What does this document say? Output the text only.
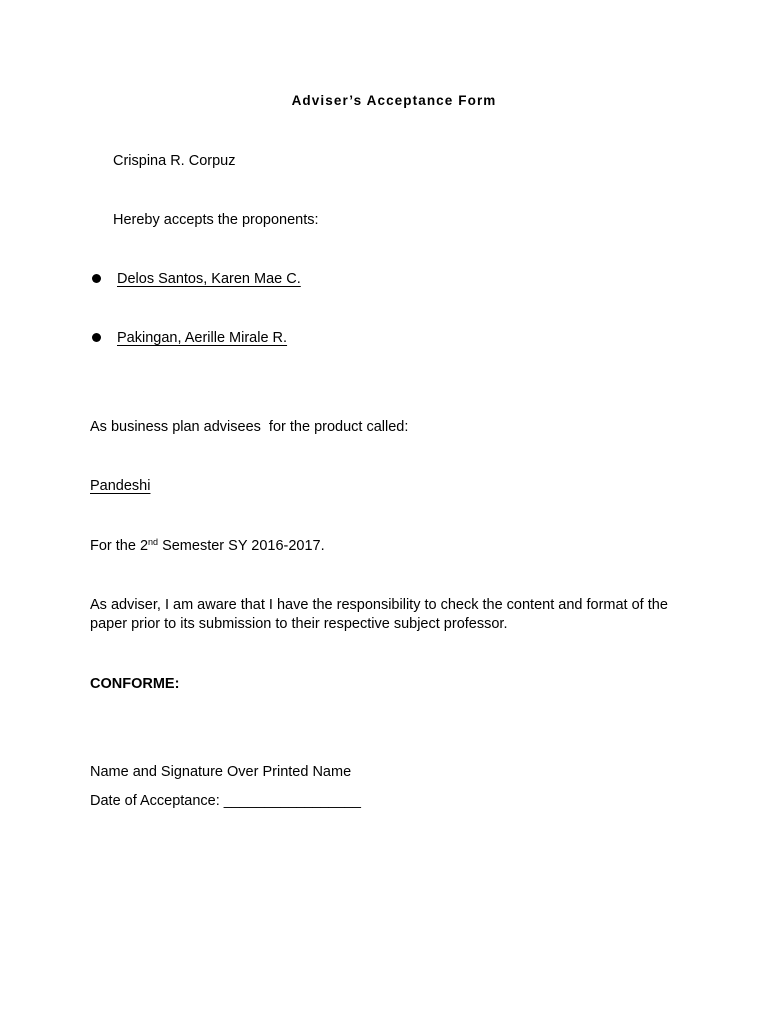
Adviser’s Acceptance Form
Crispina R. Corpuz
Hereby accepts the proponents:
Delos Santos, Karen Mae C.
Pakingan, Aerille Mirale R.
As business plan advisees  for the product called:
Pandeshi
For the 2nd Semester SY 2016-2017.
As adviser, I am aware that I have the responsibility to check the content and format of the paper prior to its submission to their respective subject professor.
CONFORME:
Name and Signature Over Printed Name
Date of Acceptance: _________________
